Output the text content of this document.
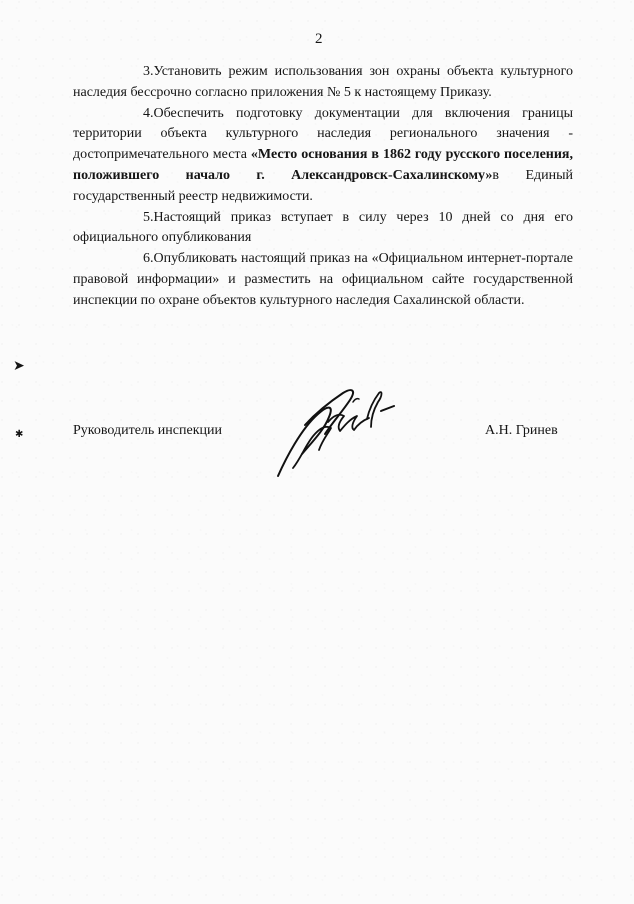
2

3.Установить режим использования зон охраны объекта культурного наследия бессрочно согласно приложения № 5 к настоящему Приказу.

4.Обеспечить подготовку документации для включения границы территории объекта культурного наследия регионального значения - достопримечательного места «Место основания в 1862 году русского поселения, положившего начало г. Александровск-Сахалинскому»в Единый государственный реестр недвижимости.

5.Настоящий приказ вступает в силу через 10 дней со дня его официального опубликования

6.Опубликовать настоящий приказ на «Официальном интернет-портале правовой информации» и разместить на официальном сайте государственной инспекции по охране объектов культурного наследия Сахалинской области.

➤
✱	Руководитель инспекции	А.Н. Гринев
